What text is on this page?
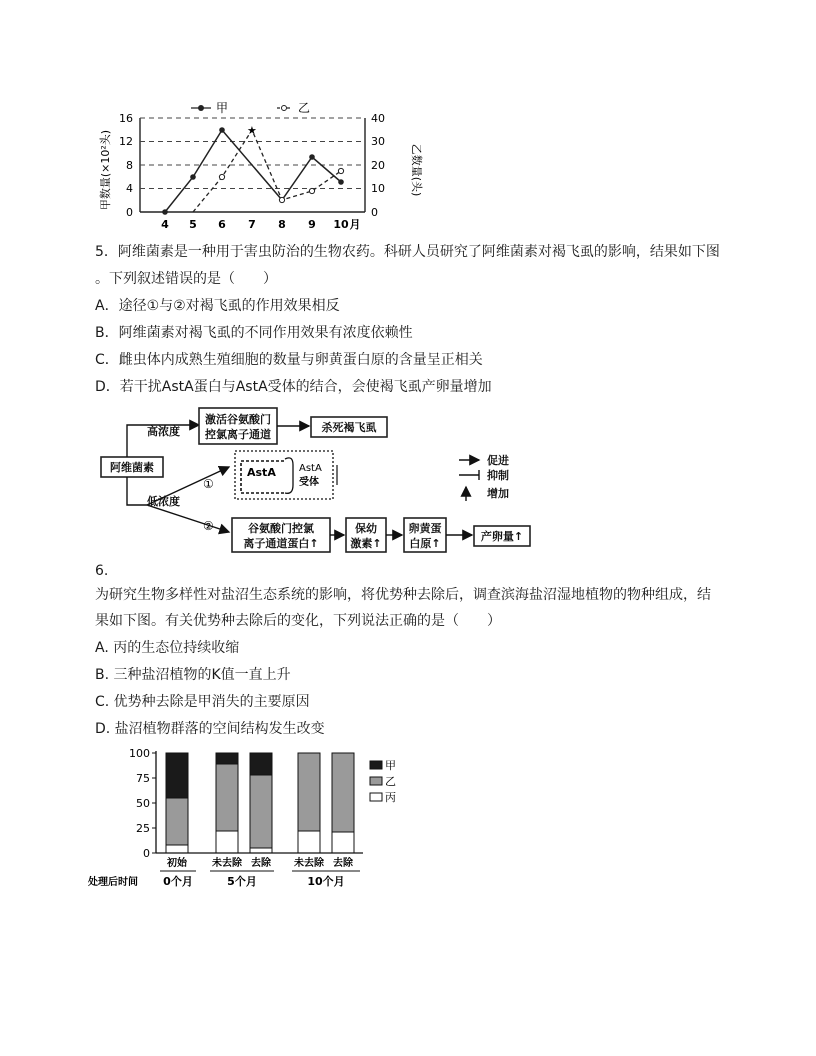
甲	乙
甲数量(×10²头)	乙数量(头)
16
12
8
4
0
40
30
20
10
0
4 5 6 7 8 9 10 月
★
5．阿维菌素是一种用于害虫防治的生物农药。科研人员研究了阿维菌素对褐飞虱的影响，结果如下图
。下列叙述错误的是（　　）
A．途径①与②对褐飞虱的作用效果相反
B．阿维菌素对褐飞虱的不同作用效果有浓度依赖性
C．雌虫体内成熟生殖细胞的数量与卵黄蛋白原的含量呈正相关
D．若干扰AstA蛋白与AstA受体的结合，会使褐飞虱产卵量增加
阿维菌素
高浓度
低浓度
①
②
激活谷氨酸门
控氯离子通道
杀死褐飞虱
AstA AstA
受体
谷氨酸门控氯
离子通道蛋白↑
保幼
激素↑
卵黄蛋
白原↑
产卵量↑
促进
抑制
增加
6.
为研究生物多样性对盐沼生态系统的影响，将优势种去除后，调查滨海盐沼湿地植物的物种组成，结
果如下图。有关优势种去除后的变化，下列说法正确的是（　　）
A. 丙的生态位持续收缩
B. 三种盐沼植物的K值一直上升
C. 优势种去除是甲消失的主要原因
D. 盐沼植物群落的空间结构发生改变
0
25
50
75
100
初始	未去除 去除 未去除 去除
处理后时间 0个月	5个月	10个月
甲
乙
丙
